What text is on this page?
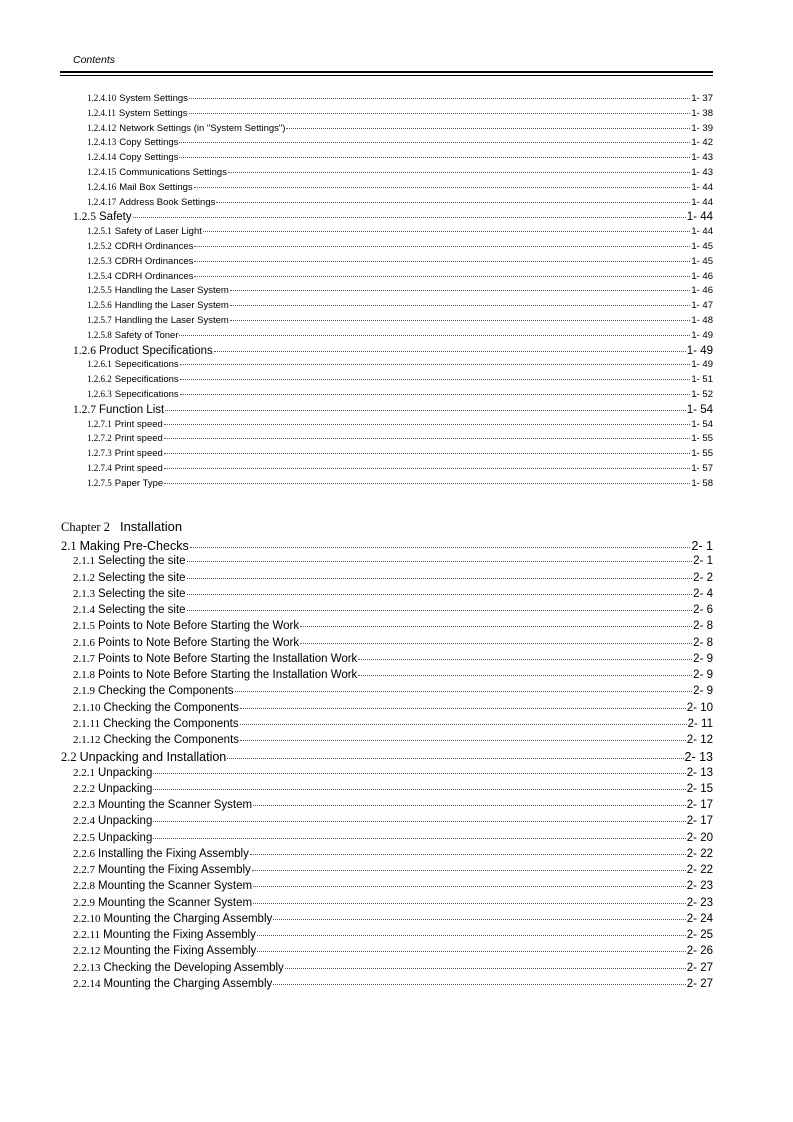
Contents
1.2.4.10 System Settings	1- 37
1.2.4.11 System Settings	1- 38
1.2.4.12 Network Settings (in "System Settings")	1- 39
1.2.4.13 Copy Settings	1- 42
1.2.4.14 Copy Settings	1- 43
1.2.4.15 Communications Settings	1- 43
1.2.4.16 Mail Box Settings	1- 44
1.2.4.17 Address Book Settings	1- 44
1.2.5 Safety	1- 44
1.2.5.1 Safety of Laser Light	1- 44
1.2.5.2 CDRH Ordinances	1- 45
1.2.5.3 CDRH Ordinances	1- 45
1.2.5.4 CDRH Ordinances	1- 46
1.2.5.5 Handling the Laser System	1- 46
1.2.5.6 Handling the Laser System	1- 47
1.2.5.7 Handling the Laser System	1- 48
1.2.5.8 Safety of Toner	1- 49
1.2.6 Product Specifications	1- 49
1.2.6.1 Sepecifications	1- 49
1.2.6.2 Sepecifications	1- 51
1.2.6.3 Sepecifications	1- 52
1.2.7 Function List	1- 54
1.2.7.1 Print speed	1- 54
1.2.7.2 Print speed	1- 55
1.2.7.3 Print speed	1- 55
1.2.7.4 Print speed	1- 57
1.2.7.5 Paper Type	1- 58
Chapter 2 Installation
2.1 Making Pre-Checks	2- 1
2.1.1 Selecting the site	2- 1
2.1.2 Selecting the site	2- 2
2.1.3 Selecting the site	2- 4
2.1.4 Selecting the site	2- 6
2.1.5 Points to Note Before Starting the Work	2- 8
2.1.6 Points to Note Before Starting the Work	2- 8
2.1.7 Points to Note Before Starting the Installation Work	2- 9
2.1.8 Points to Note Before Starting the Installation Work	2- 9
2.1.9 Checking the Components	2- 9
2.1.10 Checking the Components	2- 10
2.1.11 Checking the Components	2- 11
2.1.12 Checking the Components	2- 12
2.2 Unpacking and Installation	2- 13
2.2.1 Unpacking	2- 13
2.2.2 Unpacking	2- 15
2.2.3 Mounting the Scanner System	2- 17
2.2.4 Unpacking	2- 17
2.2.5 Unpacking	2- 20
2.2.6 Installing the Fixing Assembly	2- 22
2.2.7 Mounting the Fixing Assembly	2- 22
2.2.8 Mounting the Scanner System	2- 23
2.2.9 Mounting the Scanner System	2- 23
2.2.10 Mounting the Charging Assembly	2- 24
2.2.11 Mounting the Fixing Assembly	2- 25
2.2.12 Mounting the Fixing Assembly	2- 26
2.2.13 Checking the Developing Assembly	2- 27
2.2.14 Mounting the Charging Assembly	2- 27
